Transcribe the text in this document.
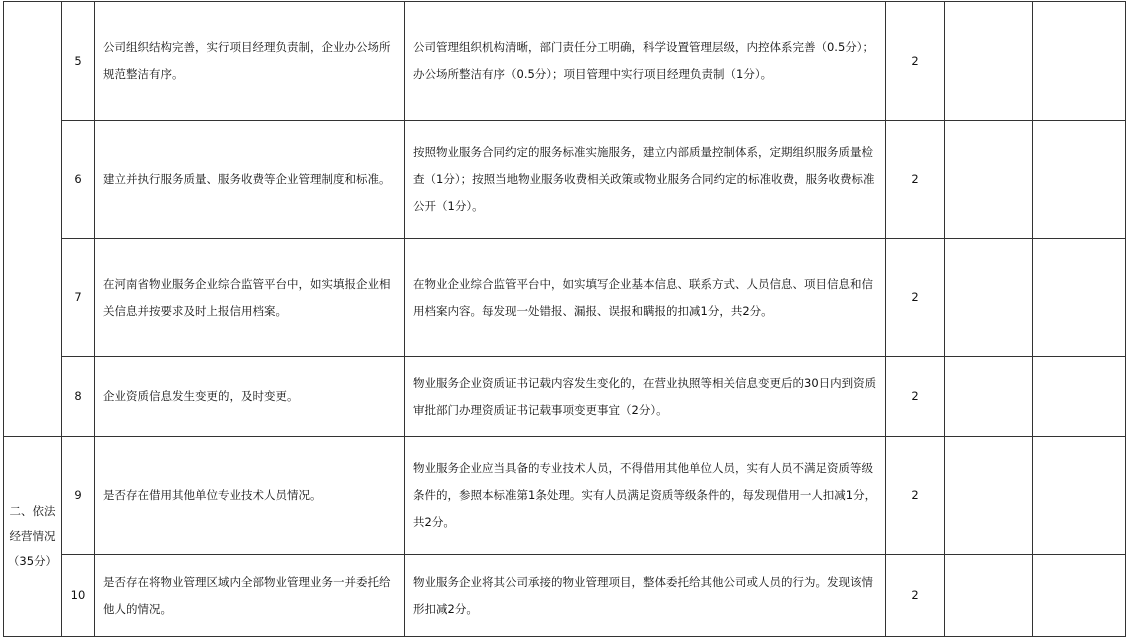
	5	公司组织结构完善，实行项目经理负责制，企业办公场所规范整洁有序。	公司管理组织机构清晰，部门责任分工明确，科学设置管理层级，内控体系完善（0.5分）；办公场所整洁有序（0.5分）；项目管理中实行项目经理负责制（1分）。	2		
	6	建立并执行服务质量、服务收费等企业管理制度和标准。	按照物业服务合同约定的服务标准实施服务，建立内部质量控制体系，定期组织服务质量检查（1分）；按照当地物业服务收费相关政策或物业服务合同约定的标准收费，服务收费标准公开（1分）。	2		
	7	在河南省物业服务企业综合监管平台中，如实填报企业相关信息并按要求及时上报信用档案。	在物业企业综合监管平台中，如实填写企业基本信息、联系方式、人员信息、项目信息和信用档案内容。每发现一处错报、漏报、误报和瞒报的扣减1分，共2分。	2		
	8	企业资质信息发生变更的，及时变更。	物业服务企业资质证书记载内容发生变化的，在营业执照等相关信息变更后的30日内到资质审批部门办理资质证书记载事项变更事宜（2分）。	2		
二、依法经营情况（35分）	9	是否存在借用其他单位专业技术人员情况。	物业服务企业应当具备的专业技术人员，不得借用其他单位人员，实有人员不满足资质等级条件的，参照本标准第1条处理。实有人员满足资质等级条件的，每发现借用一人扣减1分，共2分。	2		
	10	是否存在将物业管理区域内全部物业管理业务一并委托给他人的情况。	物业服务企业将其公司承接的物业管理项目，整体委托给其他公司或人员的行为。发现该情形扣减2分。	2		
